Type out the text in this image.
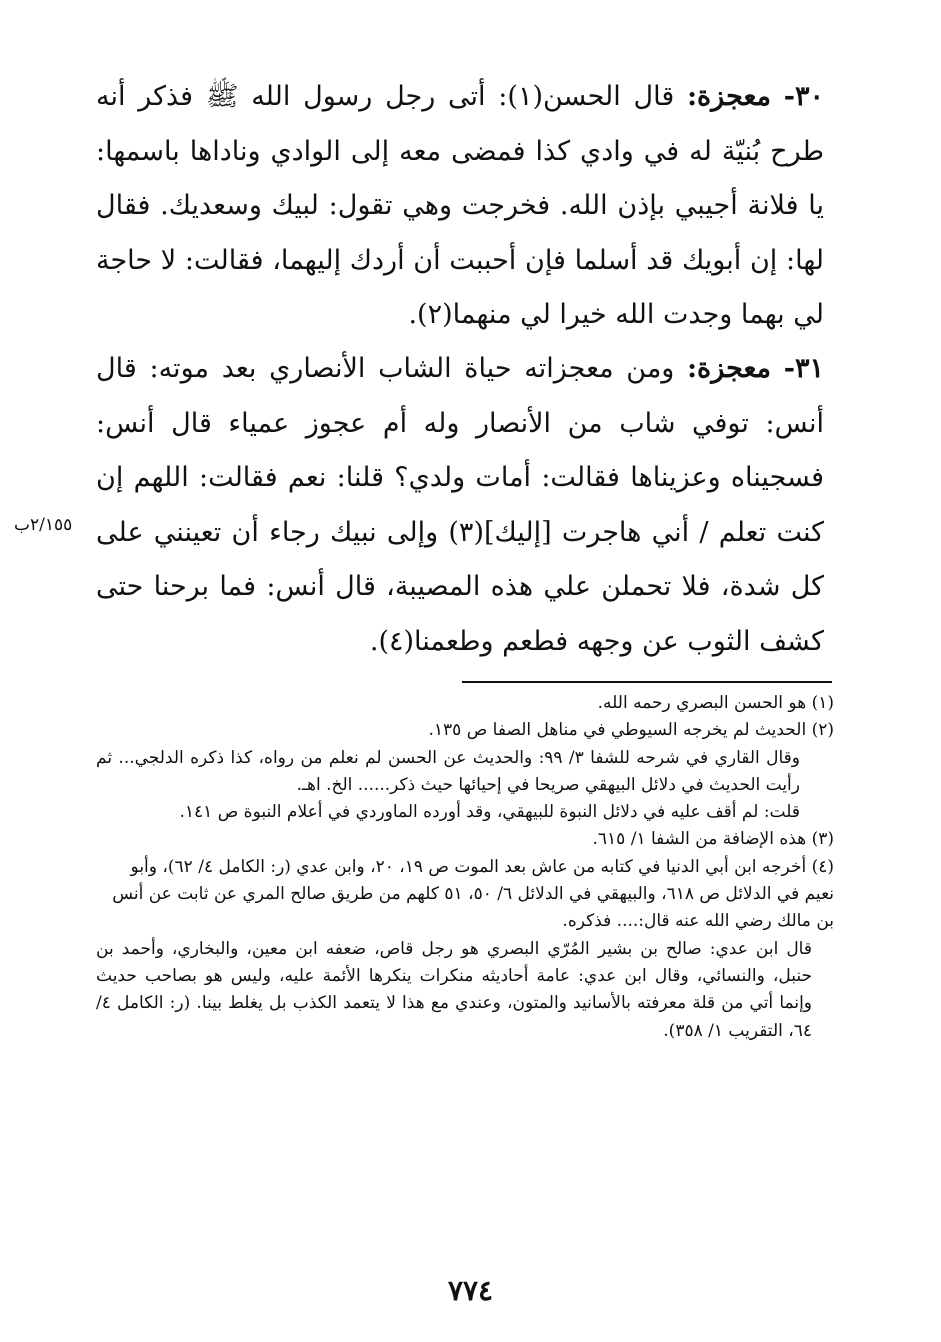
٣٠- معجزة: قال الحسن(١): أتى رجل رسول الله ﷺ فذكر أنه طرح بُنيّة له في وادي كذا فمضى معه إلى الوادي وناداها باسمها: يا فلانة أجيبي بإذن الله. فخرجت وهي تقول: لبيك وسعديك. فقال لها: إن أبويك قد أسلما فإن أحببت أن أردك إليهما، فقالت: لا حاجة لي بهما وجدت الله خيرا لي منهما(٢).
٣١- معجزة: ومن معجزاته حياة الشاب الأنصاري بعد موته: قال أنس: توفي شاب من الأنصار وله أم عجوز عمياء قال أنس: فسجيناه وعزيناها فقالت: أمات ولدي؟ قلنا: نعم فقالت: اللهم إن كنت تعلم / أني هاجرت [إليك](٣) وإلى نبيك رجاء أن تعينني على كل شدة، فلا تحملن علي هذه المصيبة، قال أنس: فما برحنا حتى كشف الثوب عن وجهه فطعم وطعمنا(٤).
٢/١٥٥ب

(١) هو الحسن البصري رحمه الله.

(٢) الحديث لم يخرجه السيوطي في مناهل الصفا ص ١٣٥.

وقال القاري في شرحه للشفا ٣/ ٩٩: والحديث عن الحسن لم نعلم من رواه، كذا ذكره الدلجي... ثم رأيت الحديث في دلائل البيهقي صريحا في إحيائها حيث ذكر...... الخ. اهـ.

قلت: لم أقف عليه في دلائل النبوة للبيهقي، وقد أورده الماوردي في أعلام النبوة ص ١٤١.

(٣) هذه الإضافة من الشفا ١/ ٦١٥.

(٤) أخرجه ابن أبي الدنيا في كتابه من عاش بعد الموت ص ١٩، ٢٠، وابن عدي (ر: الكامل ٤/ ٦٢)، وأبو نعيم في الدلائل ص ٦١٨، والبيهقي في الدلائل ٦/ ٥٠، ٥١ كلهم من طريق صالح المري عن ثابت عن أنس بن مالك رضي الله عنه قال:.... فذكره.

قال ابن عدي: صالح بن بشير المُرّي البصري هو رجل قاص، ضعفه ابن معين، والبخاري، وأحمد بن حنبل، والنسائي، وقال ابن عدي: عامة أحاديثه منكرات ينكرها الأئمة عليه، وليس هو بصاحب حديث وإنما أتي من قلة معرفته بالأسانيد والمتون، وعندي مع هذا لا يتعمد الكذب بل يغلط بينا. (ر: الكامل ٤/ ٦٤، التقريب ١/ ٣٥٨).

٧٧٤
